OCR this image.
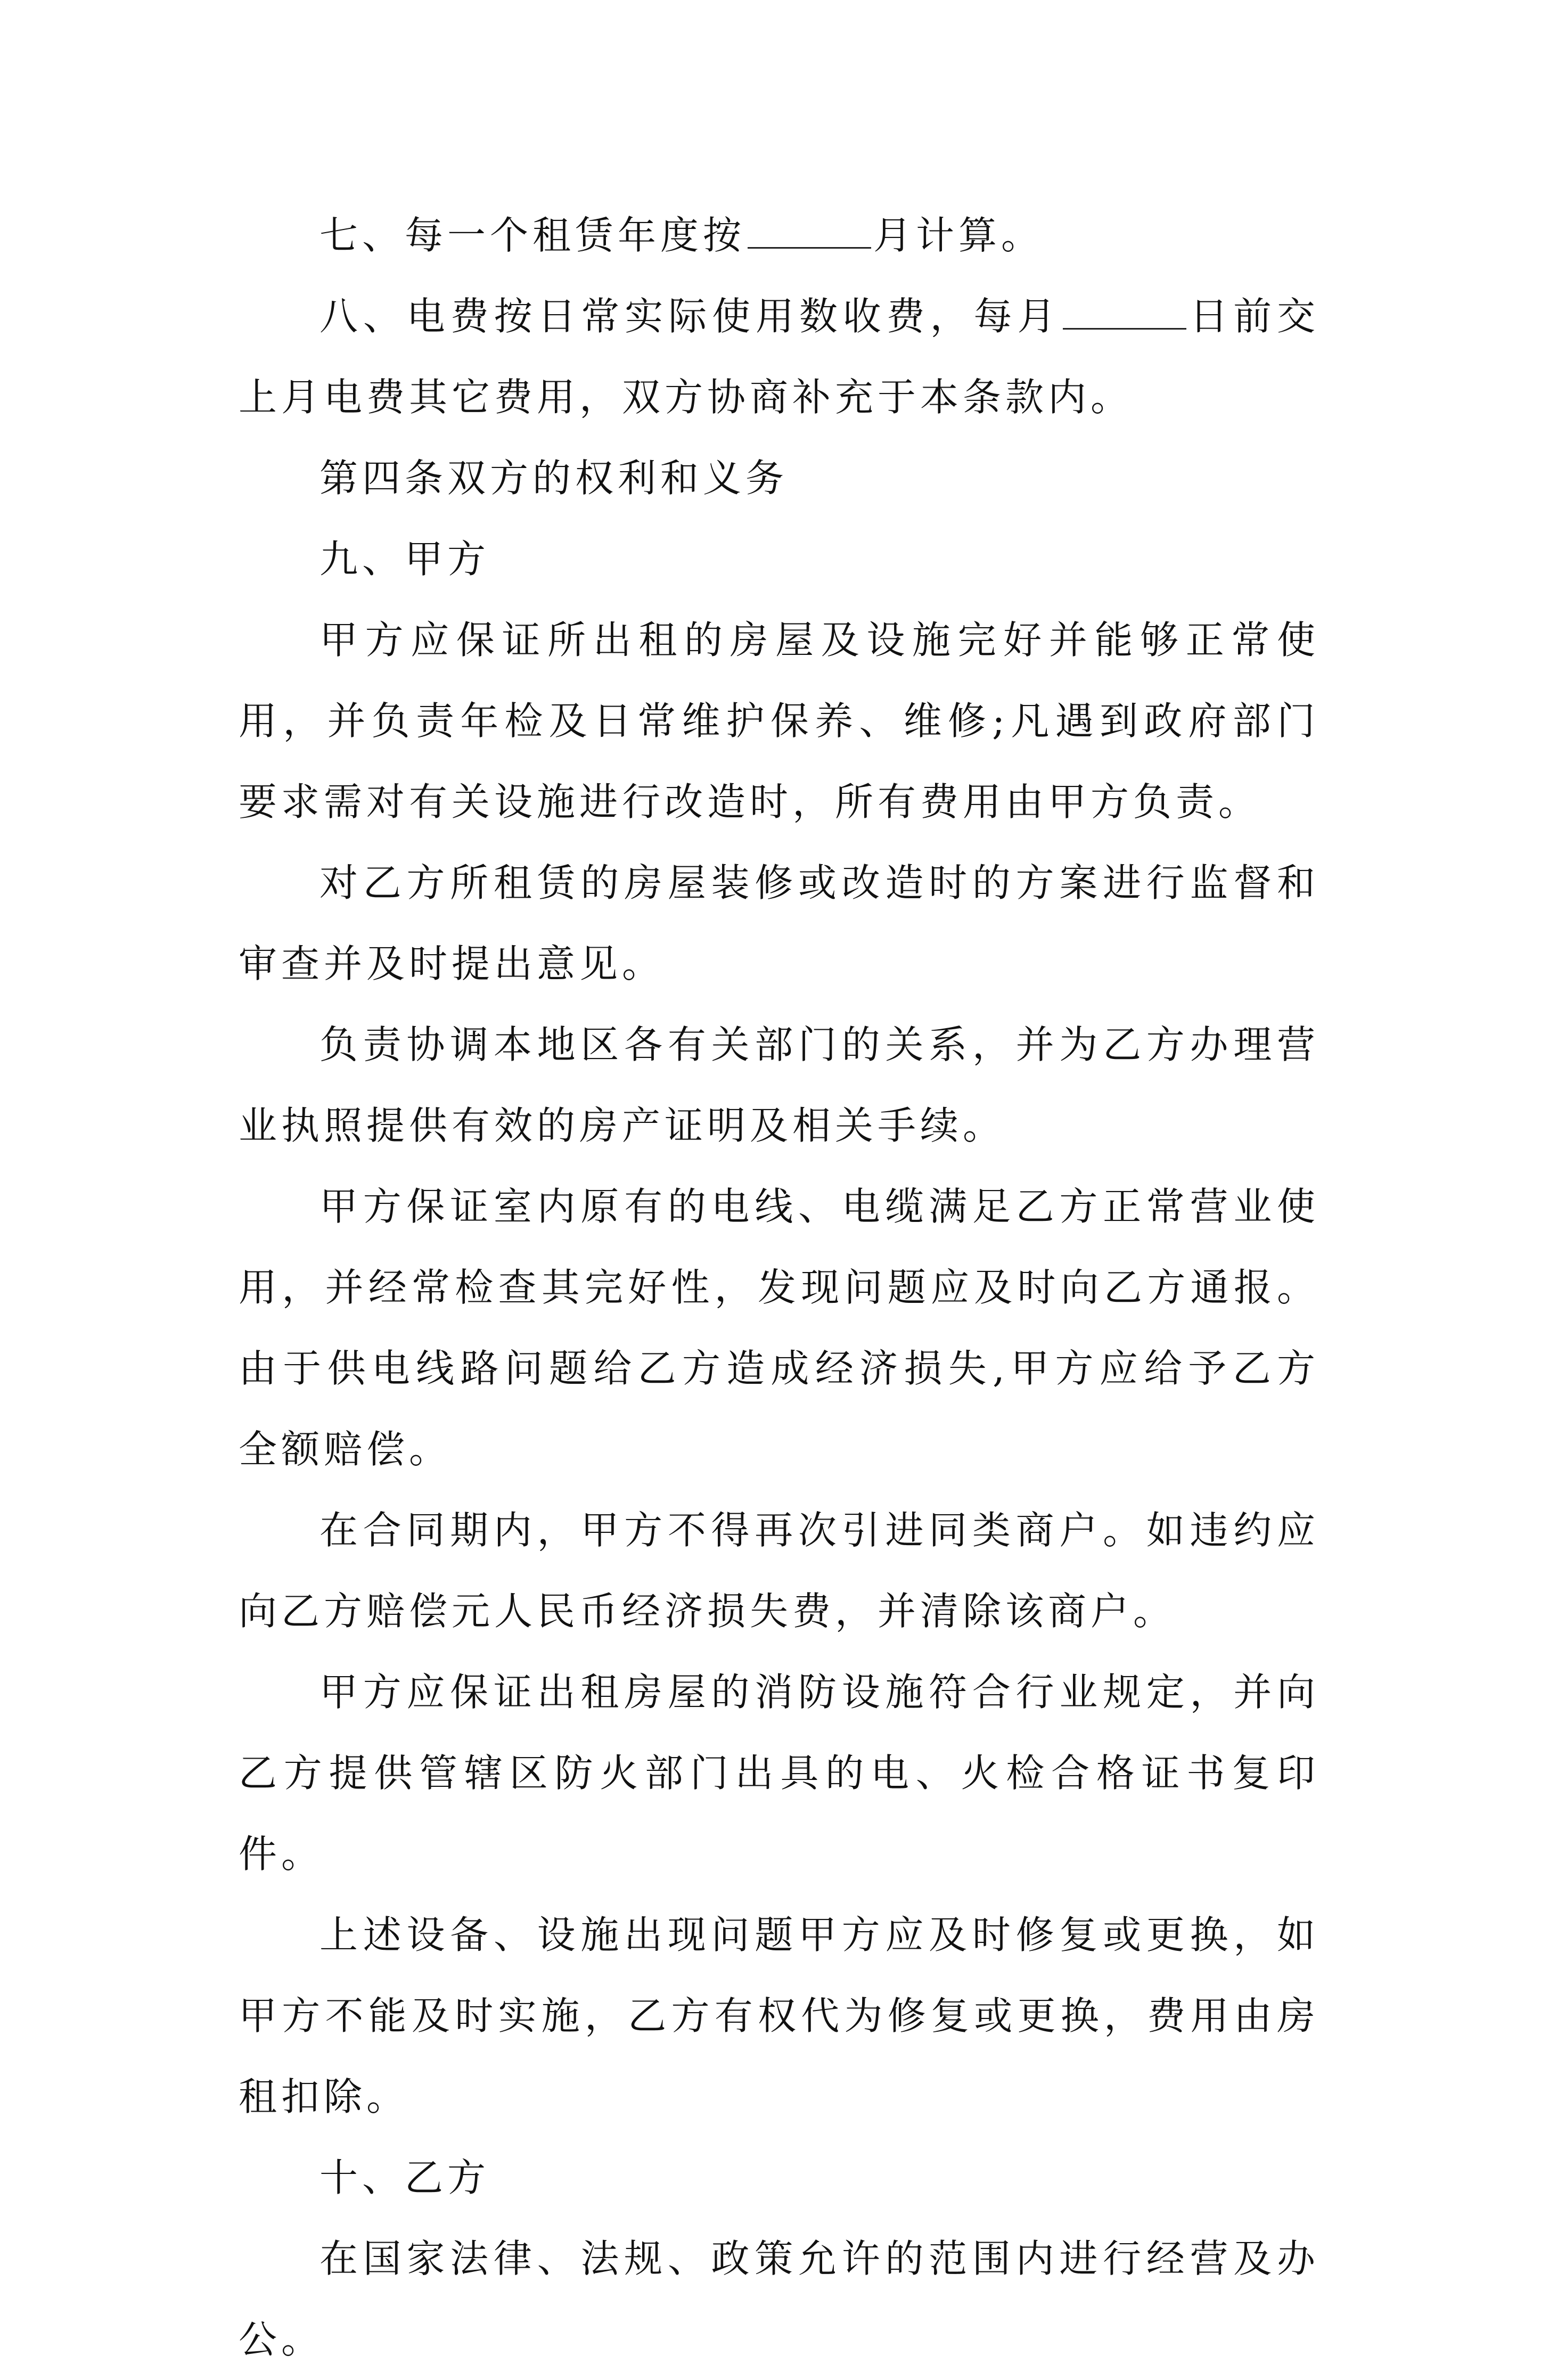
七、每一个租赁年度按	月计算。

八、电费按日常实际使用数收费，每月	日前交上月电费其它费用，双方协商补充于本条款内。

第四条双方的权利和义务

九、甲方

甲方应保证所出租的房屋及设施完好并能够正常使用，并负责年检及日常维护保养、维修;凡遇到政府部门要求需对有关设施进行改造时，所有费用由甲方负责。

对乙方所租赁的房屋装修或改造时的方案进行监督和审查并及时提出意见。

负责协调本地区各有关部门的关系，并为乙方办理营业执照提供有效的房产证明及相关手续。

甲方保证室内原有的电线、电缆满足乙方正常营业使用，并经常检查其完好性，发现问题应及时向乙方通报。由于供电线路问题给乙方造成经济损失,甲方应给予乙方全额赔偿。

在合同期内，甲方不得再次引进同类商户。如违约应向乙方赔偿元人民币经济损失费，并清除该商户。

甲方应保证出租房屋的消防设施符合行业规定，并向乙方提供管辖区防火部门出具的电、火检合格证书复印件。

上述设备、设施出现问题甲方应及时修复或更换，如甲方不能及时实施，乙方有权代为修复或更换，费用由房租扣除。

十、乙方

在国家法律、法规、政策允许的范围内进行经营及办公。
